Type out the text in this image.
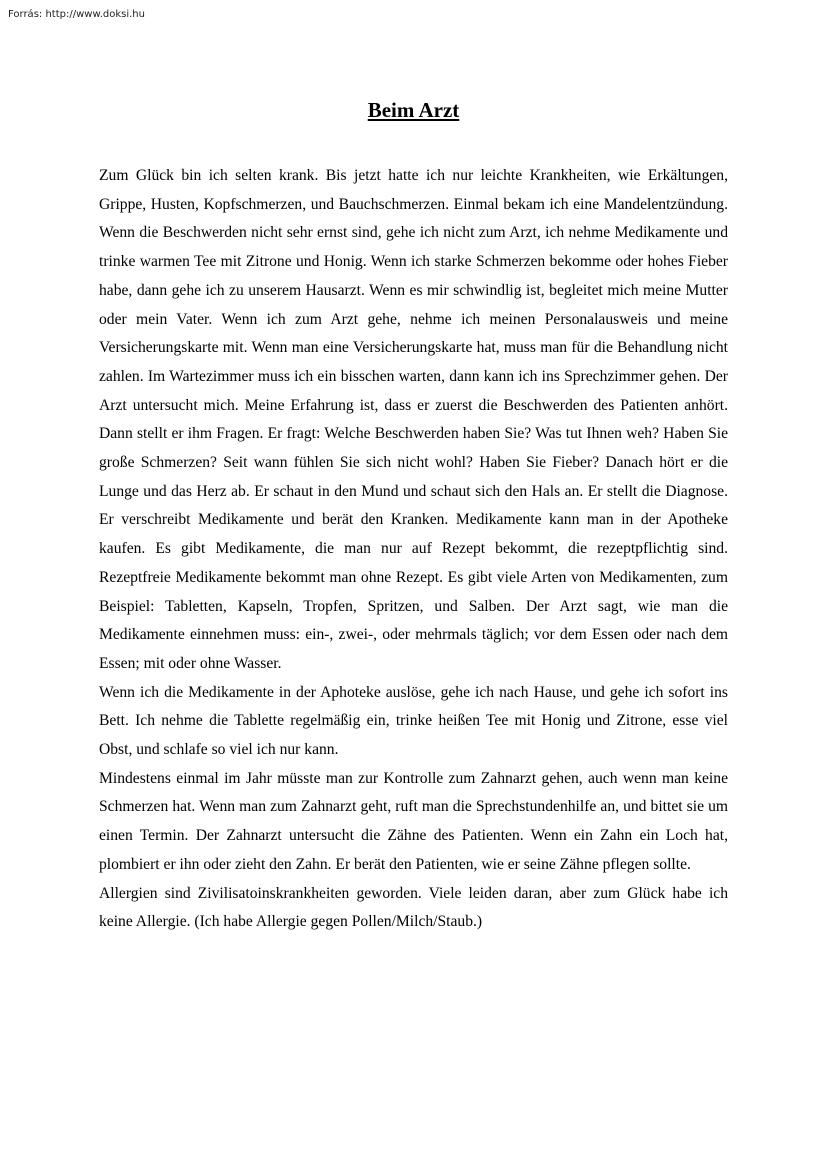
Forrás: http://www.doksi.hu
Beim Arzt

Zum Glück bin ich selten krank. Bis jetzt hatte ich nur leichte Krankheiten, wie Erkältungen, Grippe, Husten, Kopfschmerzen, und Bauchschmerzen. Einmal bekam ich eine Mandelentzündung. Wenn die Beschwerden nicht sehr ernst sind, gehe ich nicht zum Arzt, ich nehme Medikamente und trinke warmen Tee mit Zitrone und Honig. Wenn ich starke Schmerzen bekomme oder hohes Fieber habe, dann gehe ich zu unserem Hausarzt. Wenn es mir schwindlig ist, begleitet mich meine Mutter oder mein Vater. Wenn ich zum Arzt gehe, nehme ich meinen Personalausweis und meine Versicherungskarte mit. Wenn man eine Versicherungskarte hat, muss man für die Behandlung nicht zahlen. Im Wartezimmer muss ich ein bisschen warten, dann kann ich ins Sprechzimmer gehen. Der Arzt untersucht mich. Meine Erfahrung ist, dass er zuerst die Beschwerden des Patienten anhört. Dann stellt er ihm Fragen. Er fragt: Welche Beschwerden haben Sie? Was tut Ihnen weh? Haben Sie große Schmerzen? Seit wann fühlen Sie sich nicht wohl? Haben Sie Fieber? Danach hört er die Lunge und das Herz ab. Er schaut in den Mund und schaut sich den Hals an. Er stellt die Diagnose. Er verschreibt Medikamente und berät den Kranken. Medikamente kann man in der Apotheke kaufen. Es gibt Medikamente, die man nur auf Rezept bekommt, die rezeptpflichtig sind. Rezeptfreie Medikamente bekommt man ohne Rezept. Es gibt viele Arten von Medikamenten, zum Beispiel: Tabletten, Kapseln, Tropfen, Spritzen, und Salben. Der Arzt sagt, wie man die Medikamente einnehmen muss: ein-, zwei-, oder mehrmals täglich; vor dem Essen oder nach dem Essen; mit oder ohne Wasser.

Wenn ich die Medikamente in der Aphoteke auslöse, gehe ich nach Hause, und gehe ich sofort ins Bett. Ich nehme die Tablette regelmäßig ein, trinke heißen Tee mit Honig und Zitrone, esse viel Obst, und schlafe so viel ich nur kann.

Mindestens einmal im Jahr müsste man zur Kontrolle zum Zahnarzt gehen, auch wenn man keine Schmerzen hat. Wenn man zum Zahnarzt geht, ruft man die Sprechstundenhilfe an, und bittet sie um einen Termin. Der Zahnarzt untersucht die Zähne des Patienten. Wenn ein Zahn ein Loch hat, plombiert er ihn oder zieht den Zahn. Er berät den Patienten, wie er seine Zähne pflegen sollte.

Allergien sind Zivilisatoinskrankheiten geworden. Viele leiden daran, aber zum Glück habe ich keine Allergie. (Ich habe Allergie gegen Pollen/Milch/Staub.)
